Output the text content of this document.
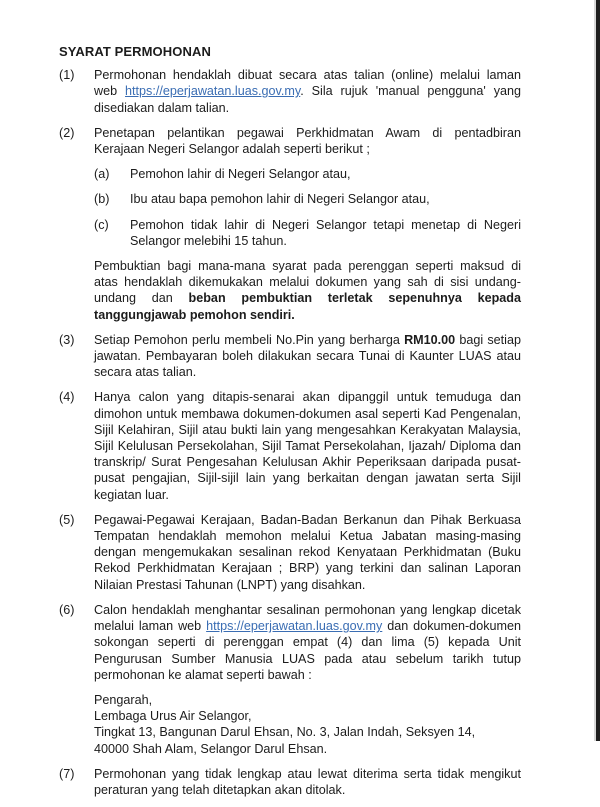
SYARAT PERMOHONAN
(1)	Permohonan hendaklah dibuat secara atas talian (online) melalui laman web https://eperjawatan.luas.gov.my. Sila rujuk 'manual pengguna' yang disediakan dalam talian.

(2)	Penetapan pelantikan pegawai Perkhidmatan Awam di pentadbiran Kerajaan Negeri Selangor adalah seperti berikut ;

(a)	Pemohon lahir di Negeri Selangor atau,
(b)	Ibu atau bapa pemohon lahir di Negeri Selangor atau,
(c)	Pemohon tidak lahir di Negeri Selangor tetapi menetap di Negeri Selangor melebihi 15 tahun.

Pembuktian bagi mana-mana syarat pada perenggan seperti maksud di atas hendaklah dikemukakan melalui dokumen yang sah di sisi undang-undang dan beban pembuktian terletak sepenuhnya kepada tanggungjawab pemohon sendiri.

(3)	Setiap Pemohon perlu membeli No.Pin yang berharga RM10.00 bagi setiap jawatan. Pembayaran boleh dilakukan secara Tunai di Kaunter LUAS atau secara atas talian.

(4)	Hanya calon yang ditapis-senarai akan dipanggil untuk temuduga dan dimohon untuk membawa dokumen-dokumen asal seperti Kad Pengenalan, Sijil Kelahiran, Sijil atau bukti lain yang mengesahkan Kerakyatan Malaysia, Sijil Kelulusan Persekolahan, Sijil Tamat Persekolahan, Ijazah/ Diploma dan transkrip/ Surat Pengesahan Kelulusan Akhir Peperiksaan daripada pusat-pusat pengajian, Sijil-sijil lain yang berkaitan dengan jawatan serta Sijil kegiatan luar.

(5)	Pegawai-Pegawai Kerajaan, Badan-Badan Berkanun dan Pihak Berkuasa Tempatan hendaklah memohon melalui Ketua Jabatan masing-masing dengan mengemukakan sesalinan rekod Kenyataan Perkhidmatan (Buku Rekod Perkhidmatan Kerajaan ; BRP) yang terkini dan salinan Laporan Nilaian Prestasi Tahunan (LNPT) yang disahkan.

(6)	Calon hendaklah menghantar sesalinan permohonan yang lengkap dicetak melalui laman web https://eperjawatan.luas.gov.my dan dokumen-dokumen sokongan seperti di perenggan empat (4) dan lima (5) kepada Unit Pengurusan Sumber Manusia LUAS pada atau sebelum tarikh tutup permohonan ke alamat seperti bawah :

Pengarah,
Lembaga Urus Air Selangor,
Tingkat 13, Bangunan Darul Ehsan, No. 3, Jalan Indah, Seksyen 14,
40000 Shah Alam, Selangor Darul Ehsan.
(7)	Permohonan yang tidak lengkap atau lewat diterima serta tidak mengikut peraturan yang telah ditetapkan akan ditolak.
